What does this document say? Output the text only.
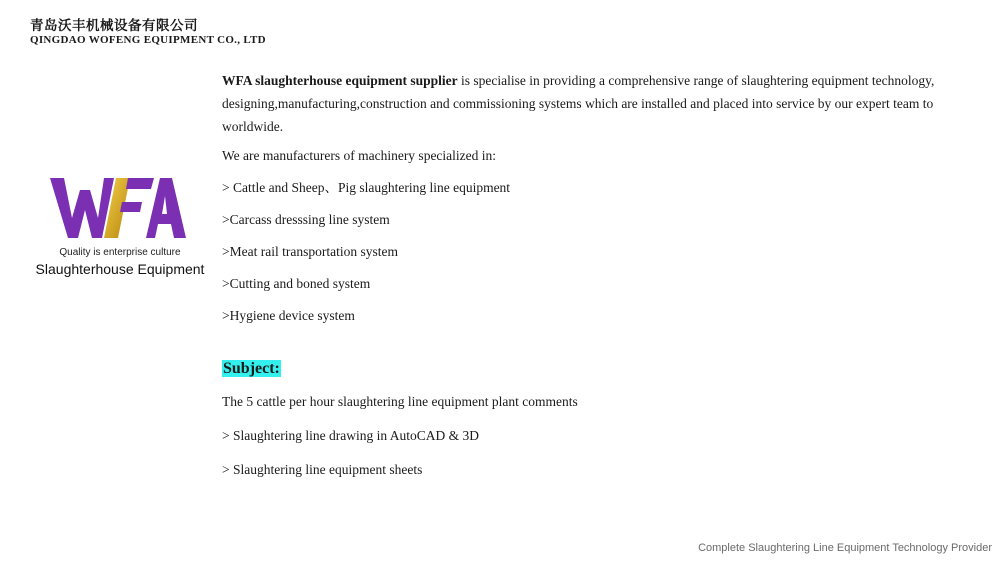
青岛沃丰机械设备有限公司
QINGDAO WOFENG EQUIPMENT CO., LTD
Quality is enterprise culture
Slaughterhouse Equipment

WFA slaughterhouse equipment supplier is specialise in providing a comprehensive range of slaughtering equipment technology, designing,manufacturing,construction and commissioning systems which are installed and placed into service by our expert team to worldwide.

We are manufacturers of machinery specialized in:

> Cattle and Sheep、Pig slaughtering line equipment

>Carcass dresssing line system

>Meat rail transportation system

>Cutting and boned system

>Hygiene device system

Subject:

The 5 cattle per hour slaughtering line equipment plant comments

> Slaughtering line drawing in AutoCAD & 3D

> Slaughtering line equipment sheets

Complete Slaughtering Line Equipment Technology Provider
